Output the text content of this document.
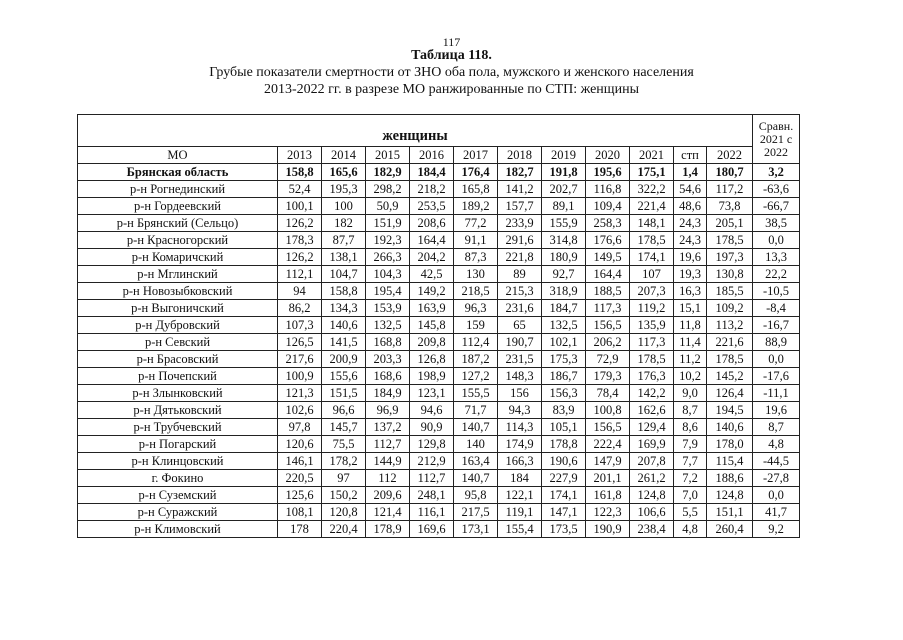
117
Таблица 118.
Грубые показатели смертности от ЗНО оба пола, мужского и женского населения
2013-2022 гг. в разрезе МО ранжированные по СТП: женщины
женщины												Сравн.
2021 с
2022

МО	2013	2014	2015	2016	2017	2018	2019	2020	2021	стп	2022	
Брянская область	158,8	165,6	182,9	184,4	176,4	182,7	191,8	195,6	175,1	1,4	180,7	3,2
р-н Рогнединский	52,4	195,3	298,2	218,2	165,8	141,2	202,7	116,8	322,2	54,6	117,2	-63,6
р-н Гордеевский	100,1	100	50,9	253,5	189,2	157,7	89,1	109,4	221,4	48,6	73,8	-66,7
р-н Брянский (Сельцо)	126,2	182	151,9	208,6	77,2	233,9	155,9	258,3	148,1	24,3	205,1	38,5
р-н Красногорский	178,3	87,7	192,3	164,4	91,1	291,6	314,8	176,6	178,5	24,3	178,5	0,0
р-н Комаричский	126,2	138,1	266,3	204,2	87,3	221,8	180,9	149,5	174,1	19,6	197,3	13,3
р-н Мглинский	112,1	104,7	104,3	42,5	130	89	92,7	164,4	107	19,3	130,8	22,2
р-н Новозыбковский	94	158,8	195,4	149,2	218,5	215,3	318,9	188,5	207,3	16,3	185,5	-10,5
р-н Выгоничский	86,2	134,3	153,9	163,9	96,3	231,6	184,7	117,3	119,2	15,1	109,2	-8,4
р-н Дубровский	107,3	140,6	132,5	145,8	159	65	132,5	156,5	135,9	11,8	113,2	-16,7
р-н Севский	126,5	141,5	168,8	209,8	112,4	190,7	102,1	206,2	117,3	11,4	221,6	88,9
р-н Брасовский	217,6	200,9	203,3	126,8	187,2	231,5	175,3	72,9	178,5	11,2	178,5	0,0
р-н Почепский	100,9	155,6	168,6	198,9	127,2	148,3	186,7	179,3	176,3	10,2	145,2	-17,6
р-н Злынковский	121,3	151,5	184,9	123,1	155,5	156	156,3	78,4	142,2	9,0	126,4	-11,1
р-н Дятьковский	102,6	96,6	96,9	94,6	71,7	94,3	83,9	100,8	162,6	8,7	194,5	19,6
р-н Трубчевский	97,8	145,7	137,2	90,9	140,7	114,3	105,1	156,5	129,4	8,6	140,6	8,7
р-н Погарский	120,6	75,5	112,7	129,8	140	174,9	178,8	222,4	169,9	7,9	178,0	4,8
р-н Клинцовский	146,1	178,2	144,9	212,9	163,4	166,3	190,6	147,9	207,8	7,7	115,4	-44,5
г. Фокино	220,5	97	112	112,7	140,7	184	227,9	201,1	261,2	7,2	188,6	-27,8
р-н Суземский	125,6	150,2	209,6	248,1	95,8	122,1	174,1	161,8	124,8	7,0	124,8	0,0
р-н Суражский	108,1	120,8	121,4	116,1	217,5	119,1	147,1	122,3	106,6	5,5	151,1	41,7
р-н Климовский	178	220,4	178,9	169,6	173,1	155,4	173,5	190,9	238,4	4,8	260,4	9,2
